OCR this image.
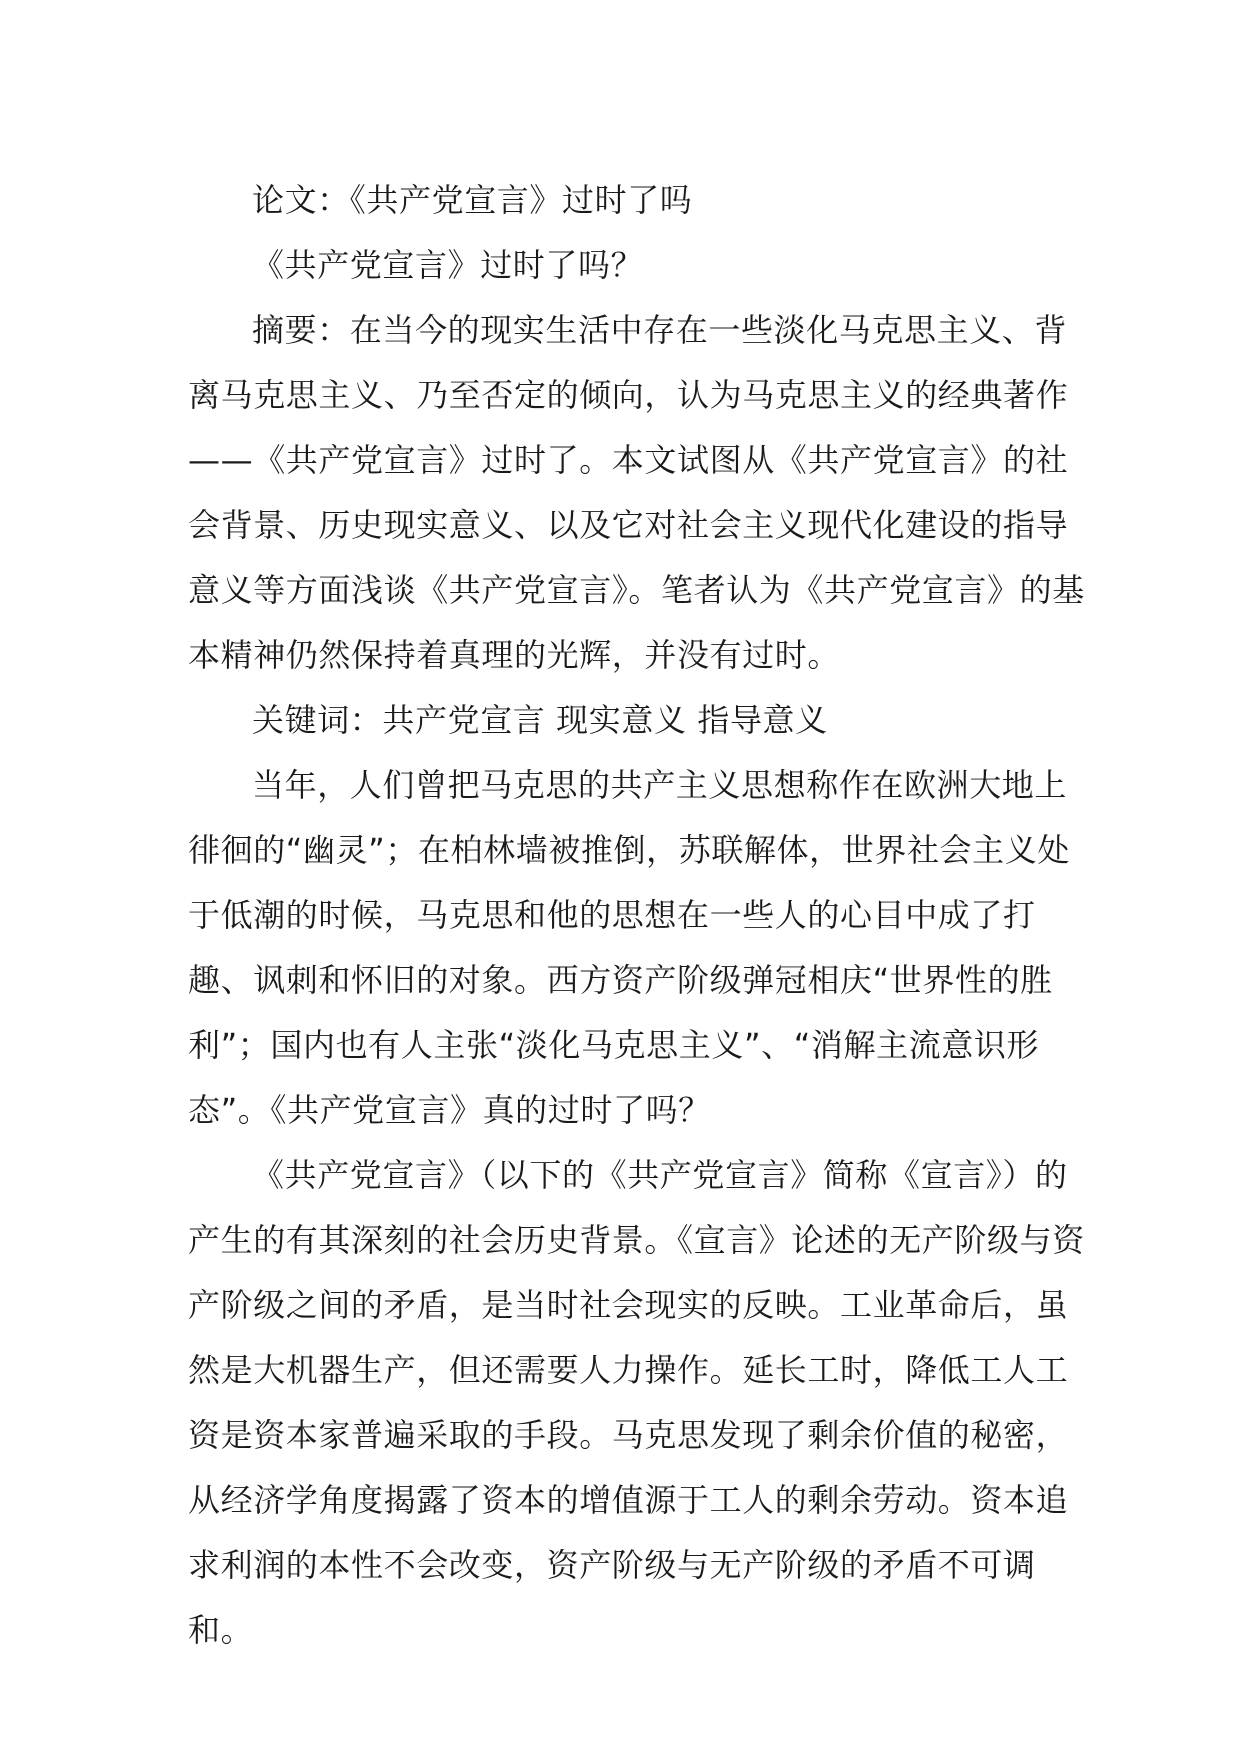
论文：《共产党宣言》过时了吗

《共产党宣言》过时了吗？

摘要：在当今的现实生活中存在一些淡化马克思主义、背离马克思主义、乃至否定的倾向，认为马克思主义的经典著作——《共产党宣言》过时了。本文试图从《共产党宣言》的社会背景、历史现实意义、以及它对社会主义现代化建设的指导意义等方面浅谈《共产党宣言》。笔者认为《共产党宣言》的基本精神仍然保持着真理的光辉，并没有过时。

关键词：共产党宣言 现实意义 指导意义

当年，人们曾把马克思的共产主义思想称作在欧洲大地上徘徊的“幽灵”；在柏林墙被推倒，苏联解体，世界社会主义处于低潮的时候，马克思和他的思想在一些人的心目中成了打趣、讽刺和怀旧的对象。西方资产阶级弹冠相庆“世界性的胜利”；国内也有人主张“淡化马克思主义”、“消解主流意识形态”。《共产党宣言》真的过时了吗？

《共产党宣言》（以下的《共产党宣言》简称《宣言》）的产生的有其深刻的社会历史背景。《宣言》论述的无产阶级与资产阶级之间的矛盾，是当时社会现实的反映。工业革命后，虽然是大机器生产，但还需要人力操作。延长工时，降低工人工资是资本家普遍采取的手段。马克思发现了剩余价值的秘密，从经济学角度揭露了资本的增值源于工人的剩余劳动。资本追求利润的本性不会改变，资产阶级与无产阶级的矛盾不可调和。
